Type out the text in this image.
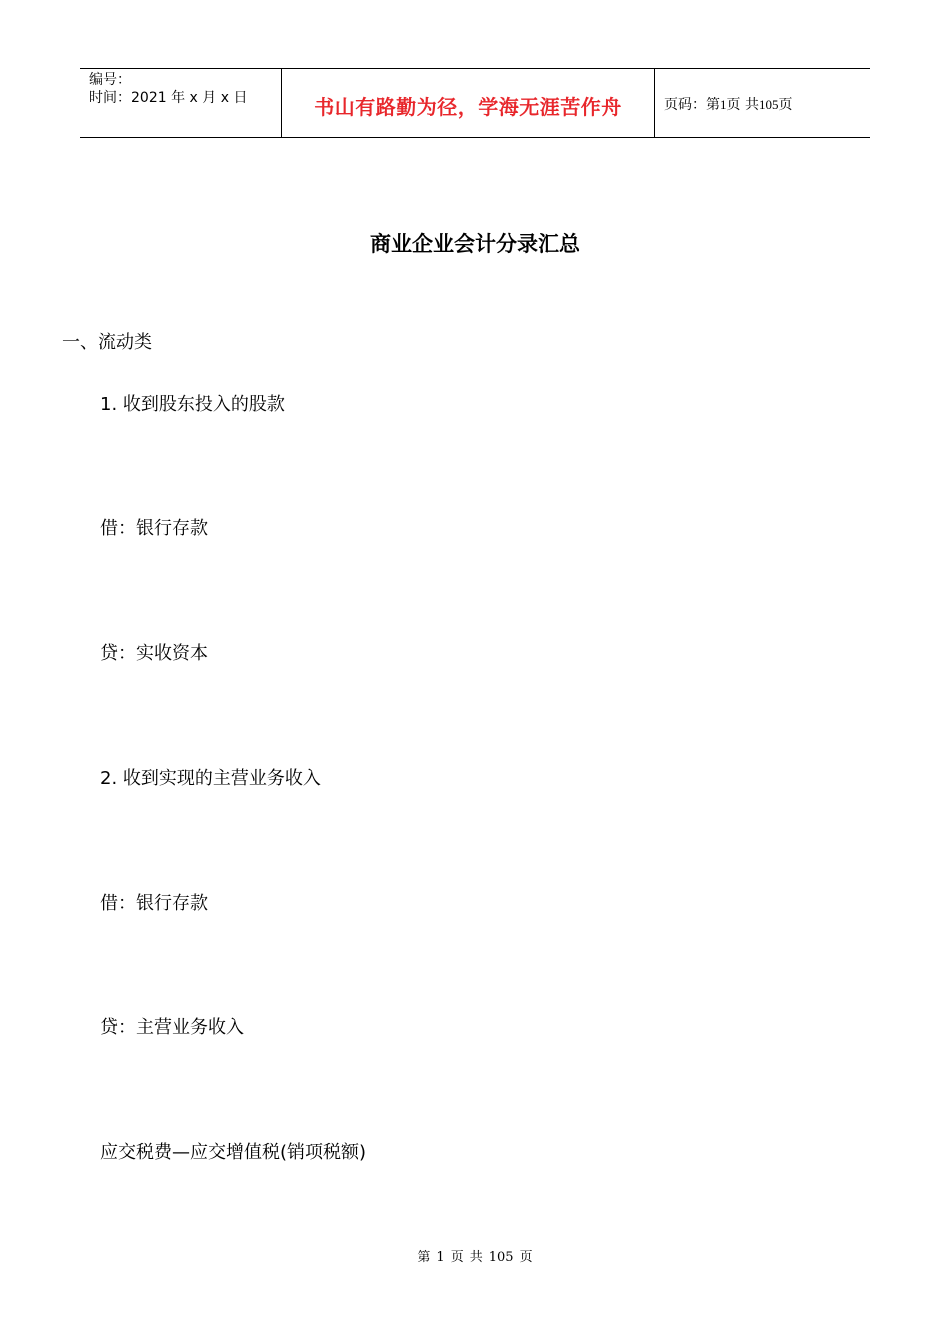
编号：
时间：2021 年 x 月 x 日	书山有路勤为径，学海无涯苦作舟	页码：第1页 共105页
商业企业会计分录汇总
一、流动类
1. 收到股东投入的股款
借：银行存款
贷：实收资本
2. 收到实现的主营业务收入
借：银行存款
贷：主营业务收入
应交税费—应交增值税(销项税额)
第 1 页 共 105 页
